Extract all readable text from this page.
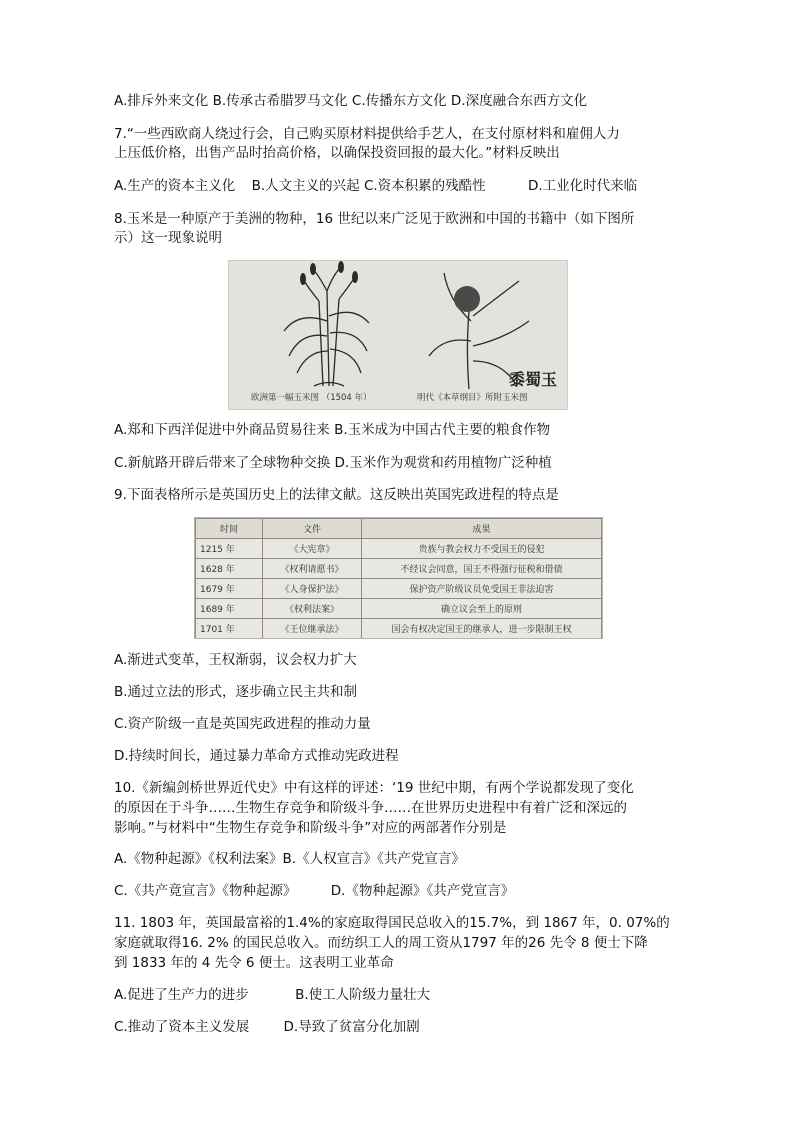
A.排斥外来文化 B.传承古希腊罗马文化 C.传播东方文化 D.深度融合东西方文化
7.“一些西欧商人绕过行会，自己购买原材料提供给手艺人，在支付原材料和雇佣人力
上压低价格，出售产品时抬高价格，以确保投资回报的最大化。”材料反映出
A.生产的资本主义化 B.人文主义的兴起 C.资本积累的残酷性	D.工业化时代来临
8.玉米是一种原产于美洲的物种，16 世纪以来广泛见于欧洲和中国的书籍中（如下图所
示）这一现象说明
欧洲第一幅玉米图 （1504 年）	明代《本草纲目》所附玉米图
黍蜀玉
A.郑和下西洋促进中外商品贸易往来 B.玉米成为中国古代主要的粮食作物
C.新航路开辟后带来了全球物种交换 D.玉米作为观赏和药用植物广泛种植
9.下面表格所示是英国历史上的法律文献。这反映出英国宪政进程的特点是
时间	文件	成果
1215 年	《大宪章》	贵族与教会权力不受国王的侵犯
1628 年	《权利请愿书》	不经议会同意，国王不得强行征税和借债
1679 年	《人身保护法》	保护资产阶级议员免受国王非法迫害
1689 年	《权利法案》	确立议会至上的原则
1701 年	《王位继承法》	国会有权决定国王的继承人，进一步限制王权
A.渐进式变革，王权渐弱，议会权力扩大
B.通过立法的形式，逐步确立民主共和制
C.资产阶级一直是英国宪政进程的推动力量
D.持续时间长，通过暴力革命方式推动宪政进程
10.《新编剑桥世界近代史》中有这样的评述：‘19 世纪中期，有两个学说都发现了变化
的原因在于斗争……生物生存竞争和阶级斗争……在世界历史进程中有着广泛和深远的
影响。”与材料中“生物生存竞争和阶级斗争”对应的两部著作分别是
A.《物种起源》《权利法案》B.《人权宣言》《共产党宣言》
C.《共产竟宣言》《物种起源》	D.《物种起源》《共产党宣言》
11. 1803 年，英国最富裕的1.4%的家庭取得国民总收入的15.7%，到 1867 年，0. 07%的
家庭就取得16. 2% 的国民总收入。而纺织工人的周工资从1797 年的26 先令 8 便士下降
到 1833 年的 4 先令 6 便士。这表明工业革命
A.促进了生产力的进步	B.使工人阶级力量壮大
C.推动了资本主义发展	D.导致了贫富分化加剧
